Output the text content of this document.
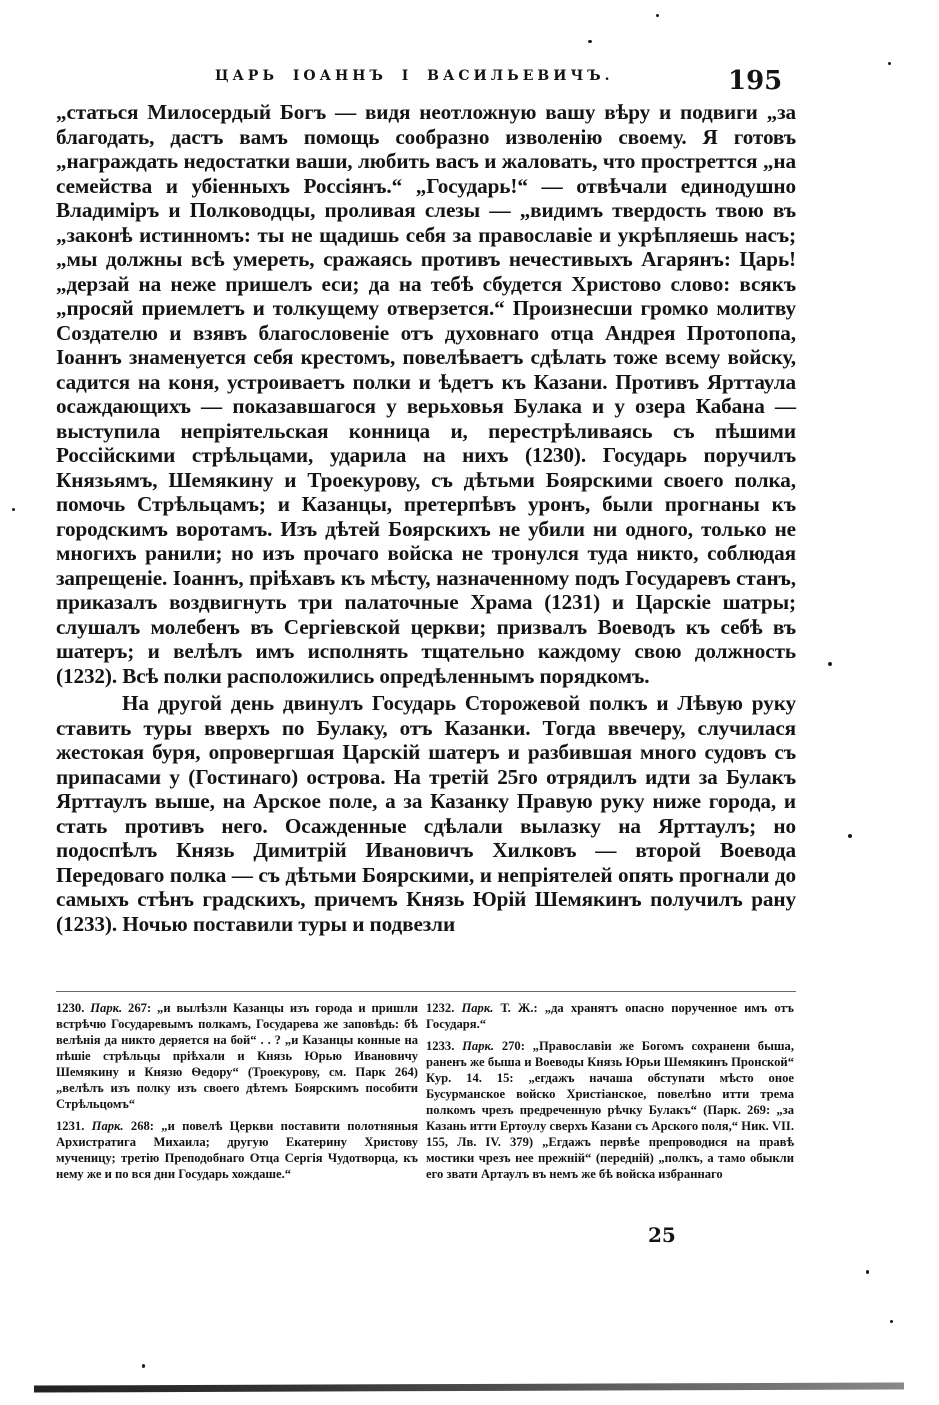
ЦАРЬ ІОАННЪ І ВАСИЛЬЕВИЧЪ.	195

„статься Милосердый Богъ — видя неотложную вашу вѣру и подвиги „за благодать, дастъ вамъ помощь сообразно изволенію своему. Я готовъ „награждать недостатки ваши, любить васъ и жаловать, что простреттся „на семейства и убіенныхъ Россіянъ.“ „Государь!“ — отвѣчали единодушно Владиміръ и Полководцы, проливая слезы — „видимъ твердость твою въ „законѣ истинномъ: ты не щадишь себя за православіе и укрѣпляешь насъ; „мы должны всѣ умереть, сражаясь противъ нечестивыхъ Агарянъ: Царь! „дерзай на неже пришелъ еси; да на тебѣ сбудется Христово слово: всякъ „просяй приемлетъ и толкущему отверзется.“ Произнесши громко молитву Создателю и взявъ благословеніе отъ духовнаго отца Андрея Протопопа, Іоаннъ знаменуется себя крестомъ, повелѣваетъ сдѣлать тоже всему войску, садится на коня, устроиваетъ полки и ѣдетъ къ Казани. Противъ Ярттаула осаждающихъ — показавшагося у верьховья Булака и у озера Кабана — выступила непріятельская конница и, перестрѣливаясь съ пѣшими Россійскими стрѣльцами, ударила на нихъ (1230). Государь поручилъ Князьямъ, Шемякину и Троекурову, съ дѣтьми Боярскими своего полка, помочь Стрѣльцамъ; и Казанцы, претерпѣвъ уронъ, были прогнаны къ городскимъ воротамъ. Изъ дѣтей Боярскихъ не убили ни одного, только не многихъ ранили; но изъ прочаго войска не тронулся туда никто, соблюдая запрещеніе. Іоаннъ, пріѣхавъ къ мѣсту, назначенному подъ Государевъ станъ, приказалъ воздвигнуть три палаточные Храма (1231) и Царскіе шатры; слушалъ молебенъ въ Сергіевской церкви; призвалъ Воеводъ къ себѣ въ шатеръ; и велѣлъ имъ исполнять тщательно каждому свою должность (1232). Всѣ полки расположились опредѣленнымъ порядкомъ.

На другой день двинулъ Государь Сторожевой полкъ и Лѣвую руку ставить туры вверхъ по Булаку, отъ Казанки. Тогда ввечеру, случилася жестокая буря, опровергшая Царскій шатеръ и разбившая много судовъ съ припасами у (Гостинаго) острова. На третій 25го отрядилъ идти за Булакъ Ярттаулъ выше, на Арское поле, а за Казанку Правую руку ниже города, и стать противъ него. Осажденные сдѣлали вылазку на Ярттаулъ; но подоспѣлъ Князь Димитрій Ивановичъ Хилковъ — второй Воевода Передоваго полка — съ дѣтьми Боярскими, и непріятелей опять прогнали до самыхъ стѣнъ градскихъ, причемъ Князь Юрій Шемякинъ получилъ рану (1233). Ночью поставили туры и подвезли

1230. Парк. 267: „и вылѣзли Казанцы изъ города и пришли встрѣчю Государевымъ полкамъ, Государева же заповѣдь: бѣ велѣнія да никто деряется на бой“ . . ? „и Казанцы конные на пѣшіе стрѣльцы пріѣхали и Князь Юрью Ивановичу Шемякину и Князю Ѳедору“ (Троекурову, см. Парк 264) „велѣлъ изъ полку изъ своего дѣтемъ Боярскимъ пособити Стрѣльцомъ“
1231. Парк. 268: „и повелѣ Церкви поставити полотняныя Архистратига Михаила; другую Екатерину Христову мученицу; третію Преподобнаго Отца Сергія Чудотворца, къ нему же и по вся дни Государь хождаше.“
1232. Парк. Т. Ж.: „да хранятъ опасно порученное имъ отъ Государя.“
1233. Парк. 270: „Православіи же Богомъ сохранени быша, раненъ же быша и Воеводы Князь Юрьи Шемякинъ Пронской“ Кур. 14. 15: „егдажъ начаша обступати мѣсто оное Бусурманское войско Христіанское, повелѣно итти трема полкомъ чрезъ предреченную рѣчку Булакъ“ (Парк. 269: „за Казань итти Ертоулу сверхъ Казани съ Арского поля,“ Ник. VII. 155, Лв. IV. 379) „Егдажъ первѣе препроводися на правѣ мостики чрезъ нее прежній“ (передній) „полкъ, а тамо обыкли его звати Артаулъ въ немъ же бѣ войска избраннаго
25
